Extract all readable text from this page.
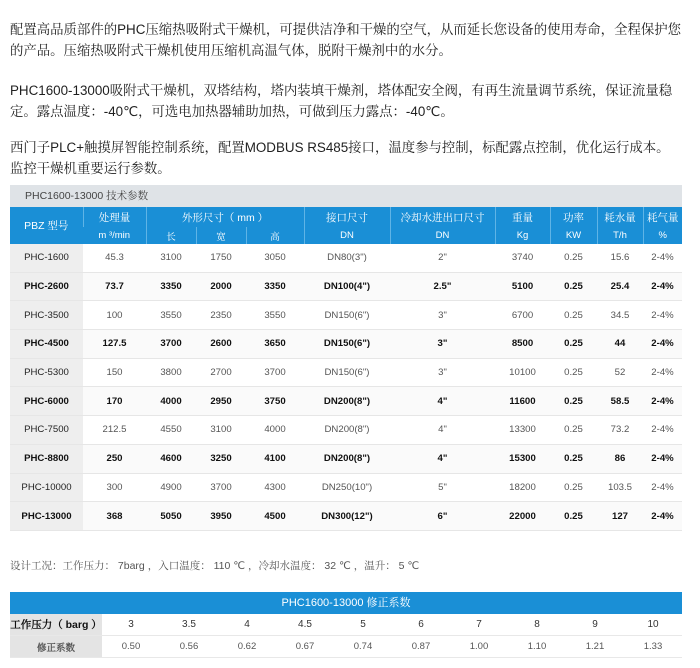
配置高品质部件的PHC压缩热吸附式干燥机，可提供洁净和干燥的空气，从而延长您设备的使用寿命，全程保护您的产品。压缩热吸附式干燥机使用压缩机高温气体，脱附干燥剂中的水分。

PHC1600-13000吸附式干燥机，双塔结构，塔内装填干燥剂，塔体配安全阀，有再生流量调节系统，保证流量稳定。露点温度：-40℃，可选电加热器辅助加热，可做到压力露点：-40℃。

西门子PLC+触摸屏智能控制系统，配置MODBUS RS485接口，温度参与控制，标配露点控制，优化运行成本。监控干燥机重要运行参数。

PHC1600-13000 技术参数
PBZ 型号	处理量	外形尺寸（ mm ）			接口尺寸	冷却水进出口尺寸	重量	功率	耗水量	耗气量
	m ³/min	长	宽	高	DN	DN	Kg	KW	T/h	%
PHC-1600	45.3	3100	1750	3050	DN80(3")	2"	3740	0.25	15.6	2-4%
PHC-2600	73.7	3350	2000	3350	DN100(4")	2.5"	5100	0.25	25.4	2-4%
PHC-3500	100	3550	2350	3550	DN150(6")	3"	6700	0.25	34.5	2-4%
PHC-4500	127.5	3700	2600	3650	DN150(6")	3"	8500	0.25	44	2-4%
PHC-5300	150	3800	2700	3700	DN150(6")	3"	10100	0.25	52	2-4%
PHC-6000	170	4000	2950	3750	DN200(8")	4"	11600	0.25	58.5	2-4%
PHC-7500	212.5	4550	3100	4000	DN200(8")	4"	13300	0.25	73.2	2-4%
PHC-8800	250	4600	3250	4100	DN200(8")	4"	15300	0.25	86	2-4%
PHC-10000	300	4900	3700	4300	DN250(10")	5"	18200	0.25	103.5	2-4%
PHC-13000	368	5050	3950	4500	DN300(12")	6"	22000	0.25	127	2-4%
设计工况：工作压力： 7barg ，入口温度： 110 ℃ ，冷却水温度： 32 ℃ ，温升： 5 ℃
PHC1600-13000 修正系数
工作压力（ barg ）	3	3.5	4	4.5	5	6	7	8	9	10
修正系数	0.50	0.56	0.62	0.67	0.74	0.87	1.00	1.10	1.21	1.33
